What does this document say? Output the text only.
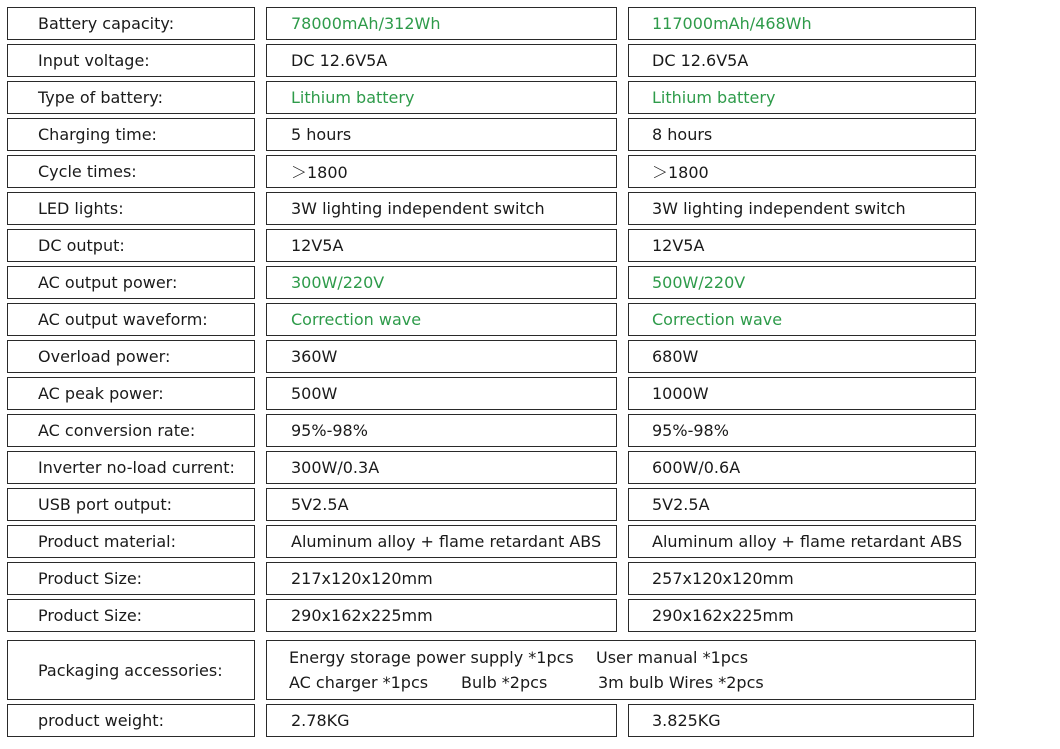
Battery capacity:	78000mAh/312Wh	117000mAh/468Wh
Input voltage:	DC 12.6V5A	DC 12.6V5A
Type of battery:	Lithium battery	Lithium battery
Charging time:	5 hours	8 hours
Cycle times:	＞1800	＞1800
LED lights:	3W lighting independent switch	3W lighting independent switch
DC output:	12V5A	12V5A
AC output power:	300W/220V	500W/220V
AC output waveform:	Correction wave	Correction wave
Overload power:	360W	680W
AC peak power:	500W	1000W
AC conversion rate:	95%-98%	95%-98%
Inverter no-load current:	300W/0.3A	600W/0.6A
USB port output:	5V2.5A	5V2.5A
Product material:	Aluminum alloy + flame retardant ABS	Aluminum alloy + flame retardant ABS
Product Size:	217x120x120mm	257x120x120mm
Product Size:	290x162x225mm	290x162x225mm
Packaging accessories:
Energy storage power supply *1pcs User manual *1pcs
AC charger *1pcs Bulb *2pcs	3m bulb Wires *2pcs
product weight:	2.78KG	3.825KG
